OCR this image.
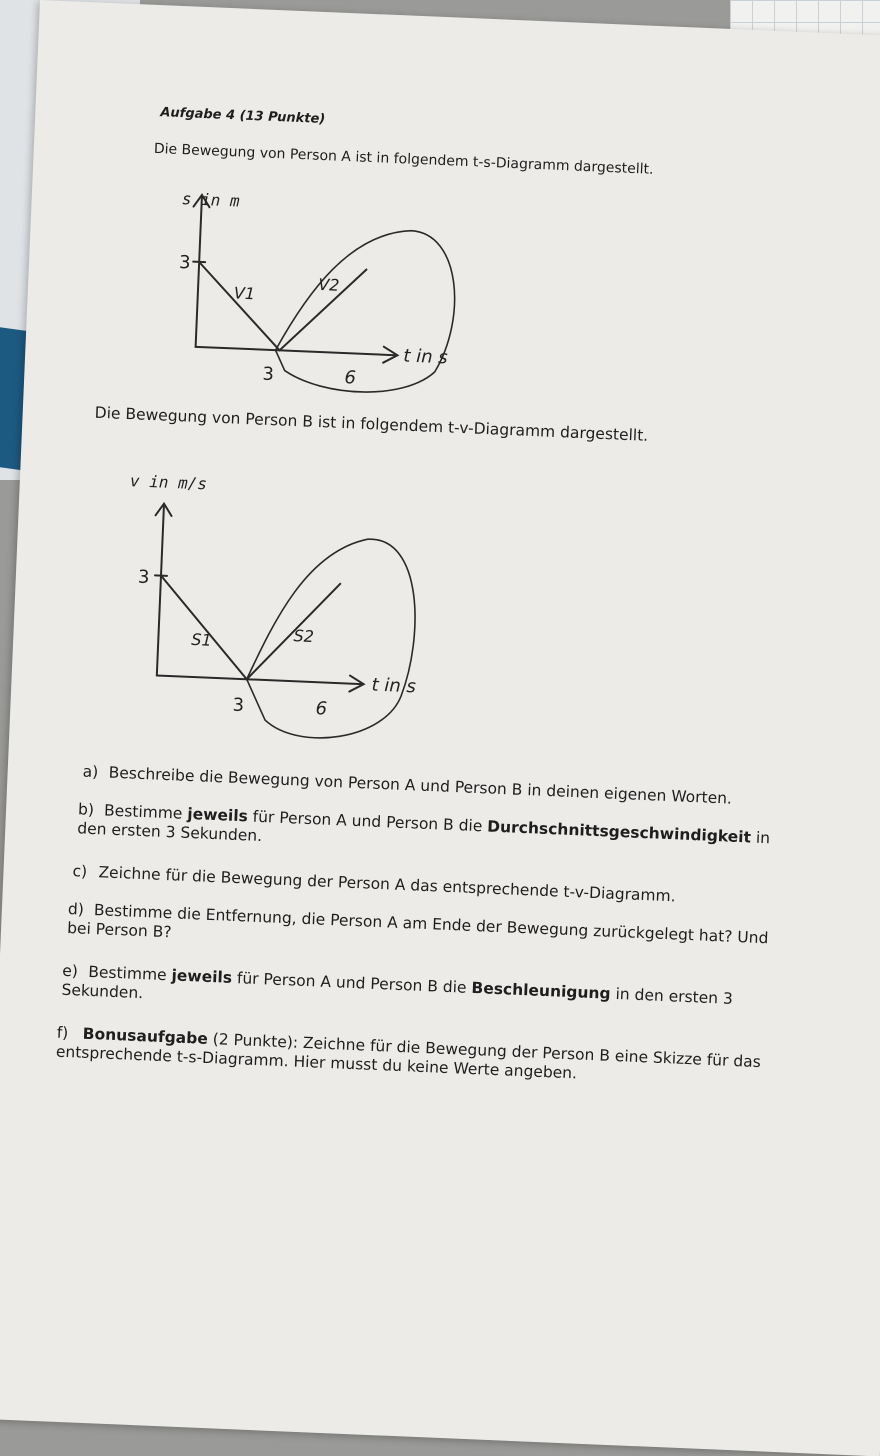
Aufgabe 4 (13 Punkte)
Die Bewegung von Person A ist in folgendem t-s-Diagramm dargestellt.
s in m
t in s
3
3	6
V1	V2
Die Bewegung von Person B ist in folgendem t-v-Diagramm dargestellt.
v in m/s
t in s
3
3	6
S1	S2
a) Beschreibe die Bewegung von Person A und Person B in deinen eigenen Worten.
b) Bestimme jeweils für Person A und Person B die Durchschnittsgeschwindigkeit in den ersten 3 Sekunden.
c) Zeichne für die Bewegung der Person A das entsprechende t-v-Diagramm.
d) Bestimme die Entfernung, die Person A am Ende der Bewegung zurückgelegt hat? Und bei Person B?
e) Bestimme jeweils für Person A und Person B die Beschleunigung in den ersten 3 Sekunden.
f) Bonusaufgabe (2 Punkte): Zeichne für die Bewegung der Person B eine Skizze für das entsprechende t-s-Diagramm. Hier musst du keine Werte angeben.
